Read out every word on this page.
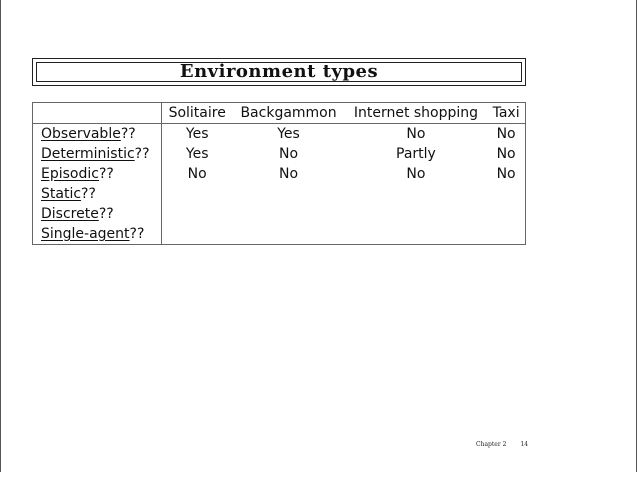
Environment types
	Solitaire	Backgammon	Internet shopping	Taxi
Observable??	Yes	Yes	No	No
Deterministic??	Yes	No	Partly	No
Episodic??	No	No	No	No
Static??				
Discrete??				
Single-agent??				
Chapter 2 14
